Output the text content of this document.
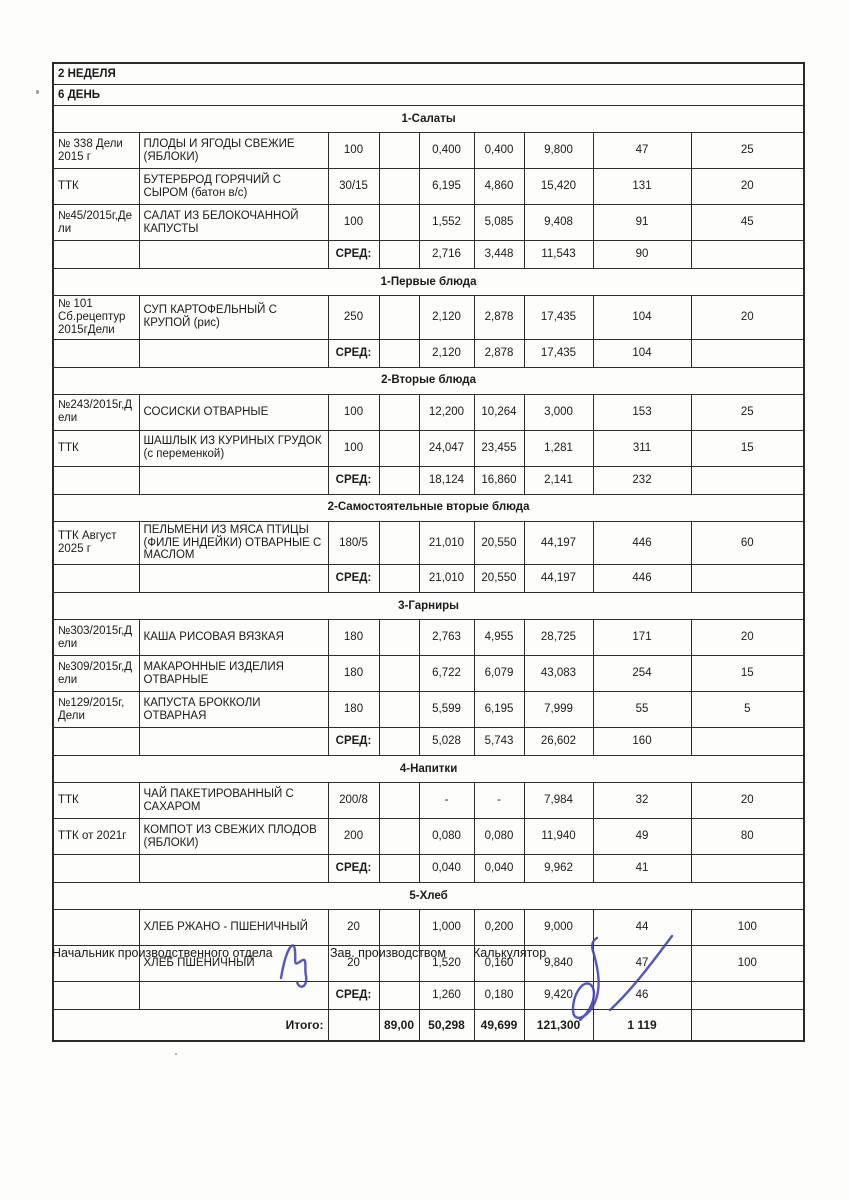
2 НЕДЕЛЯ								
6 ДЕНЬ								
1-Салаты								
№ 338 Дели 2015 г	ПЛОДЫ И ЯГОДЫ СВЕЖИЕ (ЯБЛОКИ)	100		0,400	0,400	9,800	47	25
ТТК	БУТЕРБРОД ГОРЯЧИЙ С СЫРОМ (батон в/с)	30/15		6,195	4,860	15,420	131	20
№45/2015г,Дели	САЛАТ ИЗ БЕЛОКОЧАННОЙ КАПУСТЫ	100		1,552	5,085	9,408	91	45
		СРЕД:		2,716	3,448	11,543	90	
1-Первые блюда								
№ 101 Сб.рецептур 2015гДели	СУП КАРТОФЕЛЬНЫЙ С КРУПОЙ (рис)	250		2,120	2,878	17,435	104	20
		СРЕД:		2,120	2,878	17,435	104	
2-Вторые блюда								
№243/2015г,Дели	СОСИСКИ ОТВАРНЫЕ	100		12,200	10,264	3,000	153	25
ТТК	ШАШЛЫК ИЗ КУРИНЫХ ГРУДОК (с переменкой)	100		24,047	23,455	1,281	311	15
		СРЕД:		18,124	16,860	2,141	232	
2-Самостоятельные вторые блюда								
ТТК Август 2025 г	ПЕЛЬМЕНИ ИЗ МЯСА ПТИЦЫ (ФИЛЕ ИНДЕЙКИ) ОТВАРНЫЕ С МАСЛОМ	180/5		21,010	20,550	44,197	446	60
		СРЕД:		21,010	20,550	44,197	446	
3-Гарниры								
№303/2015г,Дели	КАША РИСОВАЯ ВЯЗКАЯ	180		2,763	4,955	28,725	171	20
№309/2015г,Дели	МАКАРОННЫЕ ИЗДЕЛИЯ ОТВАРНЫЕ	180		6,722	6,079	43,083	254	15
№129/2015г, Дели	КАПУСТА БРОККОЛИ ОТВАРНАЯ	180		5,599	6,195	7,999	55	5
		СРЕД:		5,028	5,743	26,602	160	
4-Напитки								
ТТК	ЧАЙ ПАКЕТИРОВАННЫЙ С САХАРОМ	200/8		-	-	7,984	32	20
ТТК от 2021г	КОМПОТ ИЗ СВЕЖИХ ПЛОДОВ (ЯБЛОКИ)	200		0,080	0,080	11,940	49	80
		СРЕД:		0,040	0,040	9,962	41	
5-Хлеб								
	ХЛЕБ РЖАНО - ПШЕНИЧНЫЙ	20		1,000	0,200	9,000	44	100
	ХЛЕБ ПШЕНИЧНЫЙ	20		1,520	0,160	9,840	47	100
		СРЕД:		1,260	0,180	9,420	46	
Итого:			89,00	50,298	49,699	121,300	1 119	
Начальник производственного отдела	Зав. производством Калькулятор
